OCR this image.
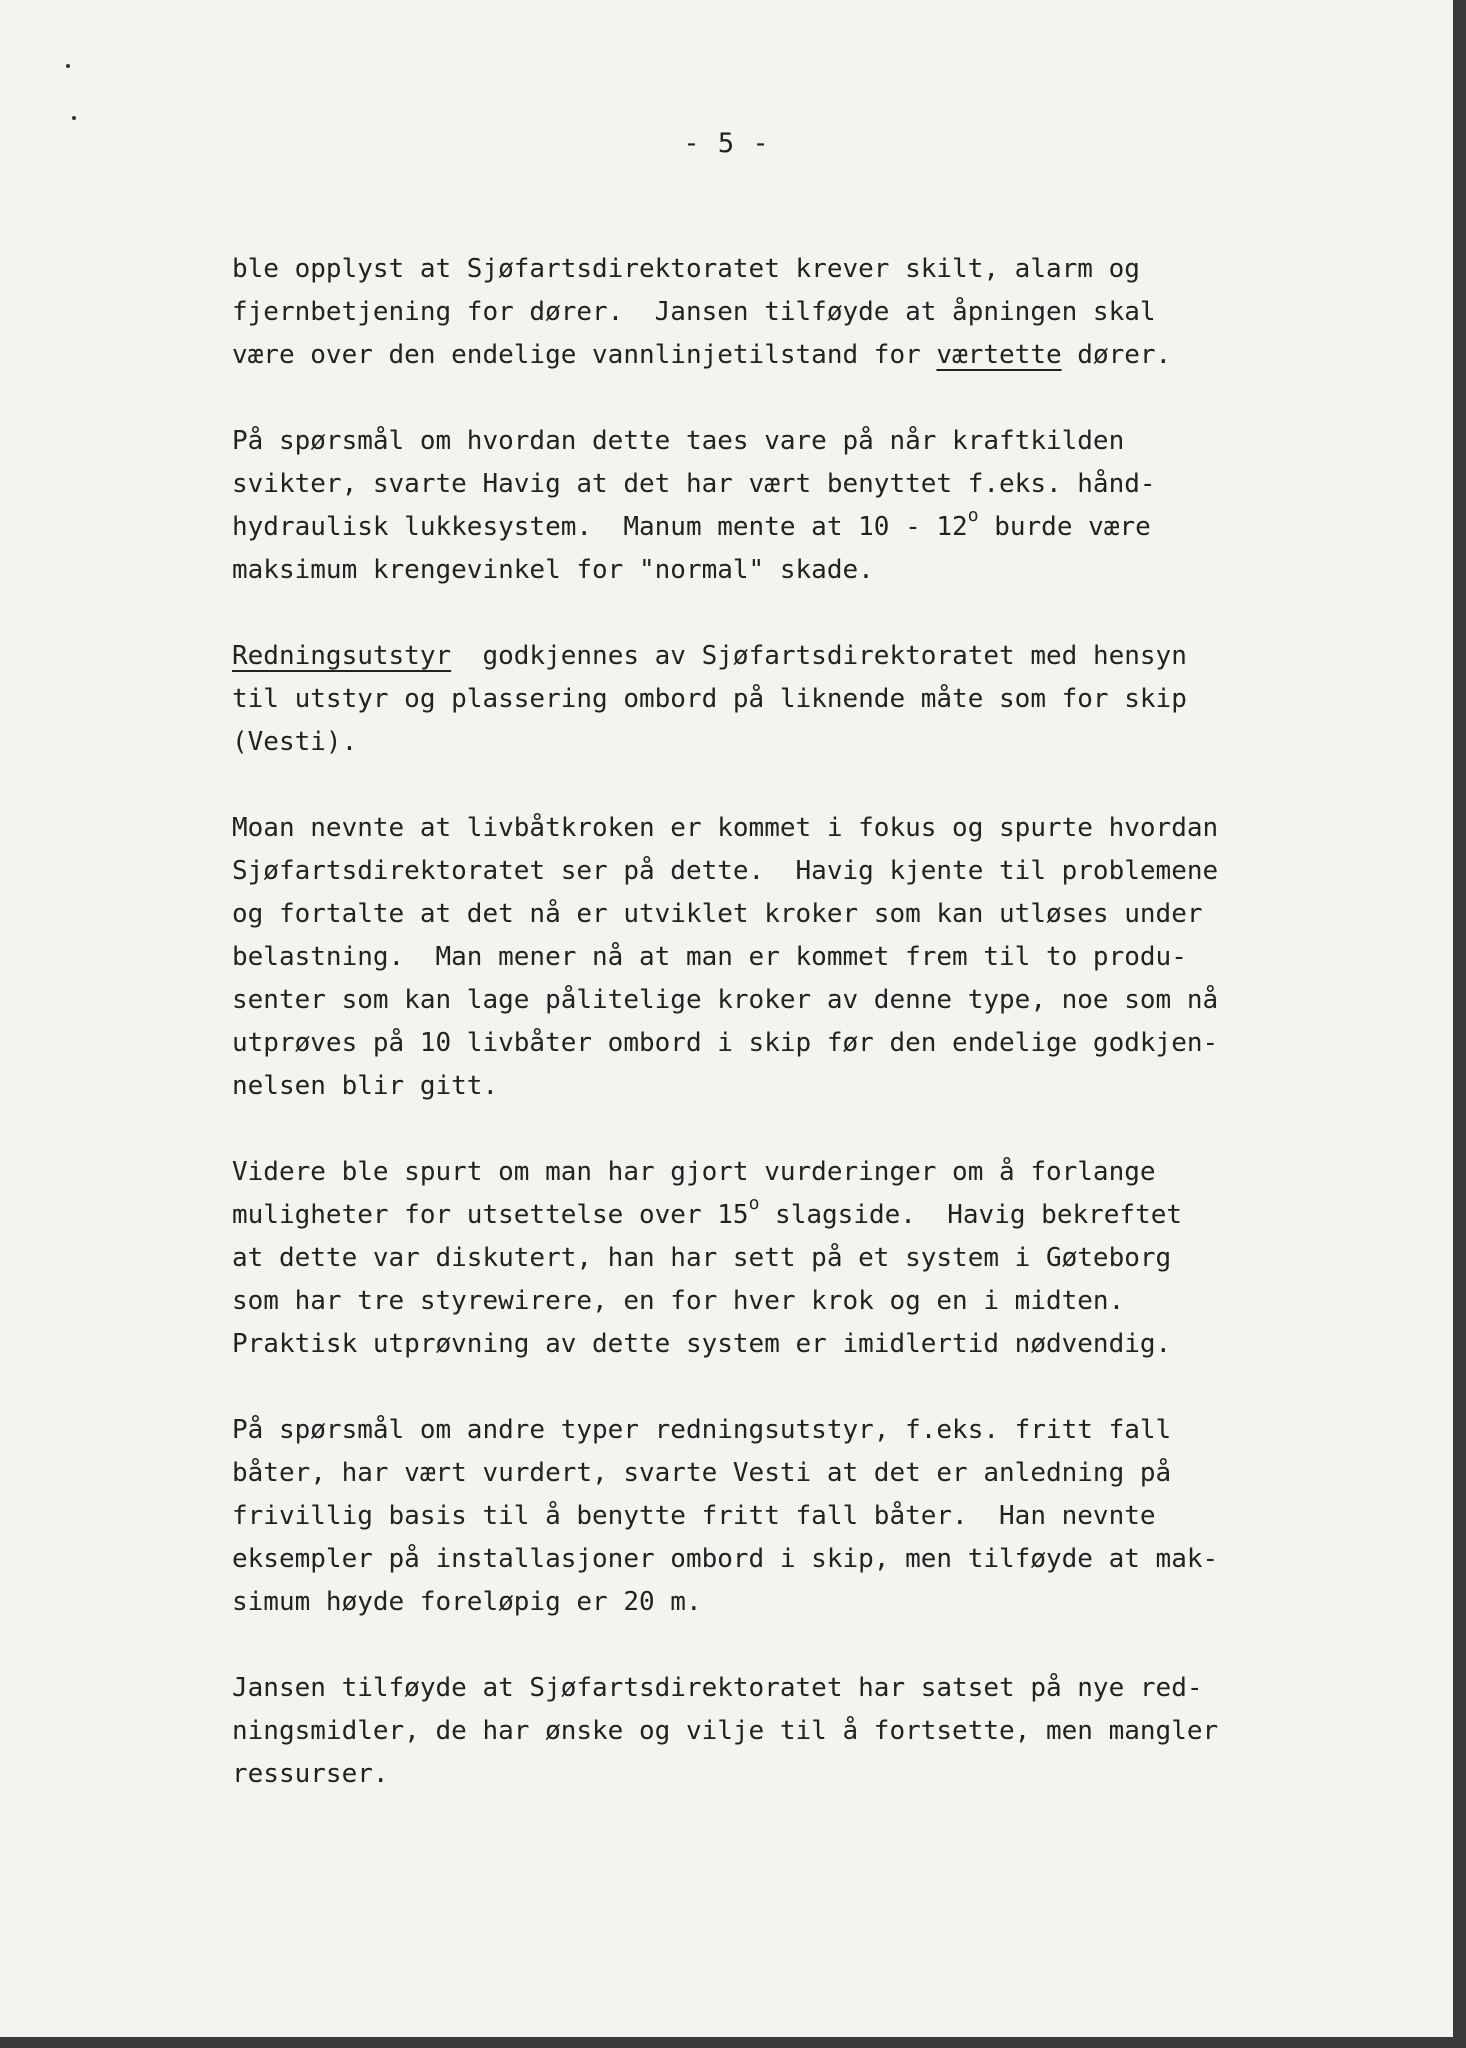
- 5 -
ble opplyst at Sjøfartsdirektoratet krever skilt, alarm og
fjernbetjening for dører.  Jansen tilføyde at åpningen skal
være over den endelige vannlinjetilstand for værtette dører.
På spørsmål om hvordan dette taes vare på når kraftkilden
svikter, svarte Havig at det har vært benyttet f.eks. hånd-
hydraulisk lukkesystem.  Manum mente at 10 - 12$^o$ burde være
maksimum krengevinkel for "normal" skade.
Redningsutstyr  godkjennes av Sjøfartsdirektoratet med hensyn
til utstyr og plassering ombord på liknende måte som for skip
(Vesti).
Moan nevnte at livbåtkroken er kommet i fokus og spurte hvordan
Sjøfartsdirektoratet ser på dette.  Havig kjente til problemene
og fortalte at det nå er utviklet kroker som kan utløses under
belastning.  Man mener nå at man er kommet frem til to produ-
senter som kan lage pålitelige kroker av denne type, noe som nå
utprøves på 10 livbåter ombord i skip før den endelige godkjen-
nelsen blir gitt.
Videre ble spurt om man har gjort vurderinger om å forlange
muligheter for utsettelse over 15$^o$ slagside.  Havig bekreftet
at dette var diskutert, han har sett på et system i Gøteborg
som har tre styrewirere, en for hver krok og en i midten.
Praktisk utprøvning av dette system er imidlertid nødvendig.
På spørsmål om andre typer redningsutstyr, f.eks. fritt fall
båter, har vært vurdert, svarte Vesti at det er anledning på
frivillig basis til å benytte fritt fall båter.  Han nevnte
eksempler på installasjoner ombord i skip, men tilføyde at mak-
simum høyde foreløpig er 20 m.
Jansen tilføyde at Sjøfartsdirektoratet har satset på nye red-
ningsmidler, de har ønske og vilje til å fortsette, men mangler
ressurser.
